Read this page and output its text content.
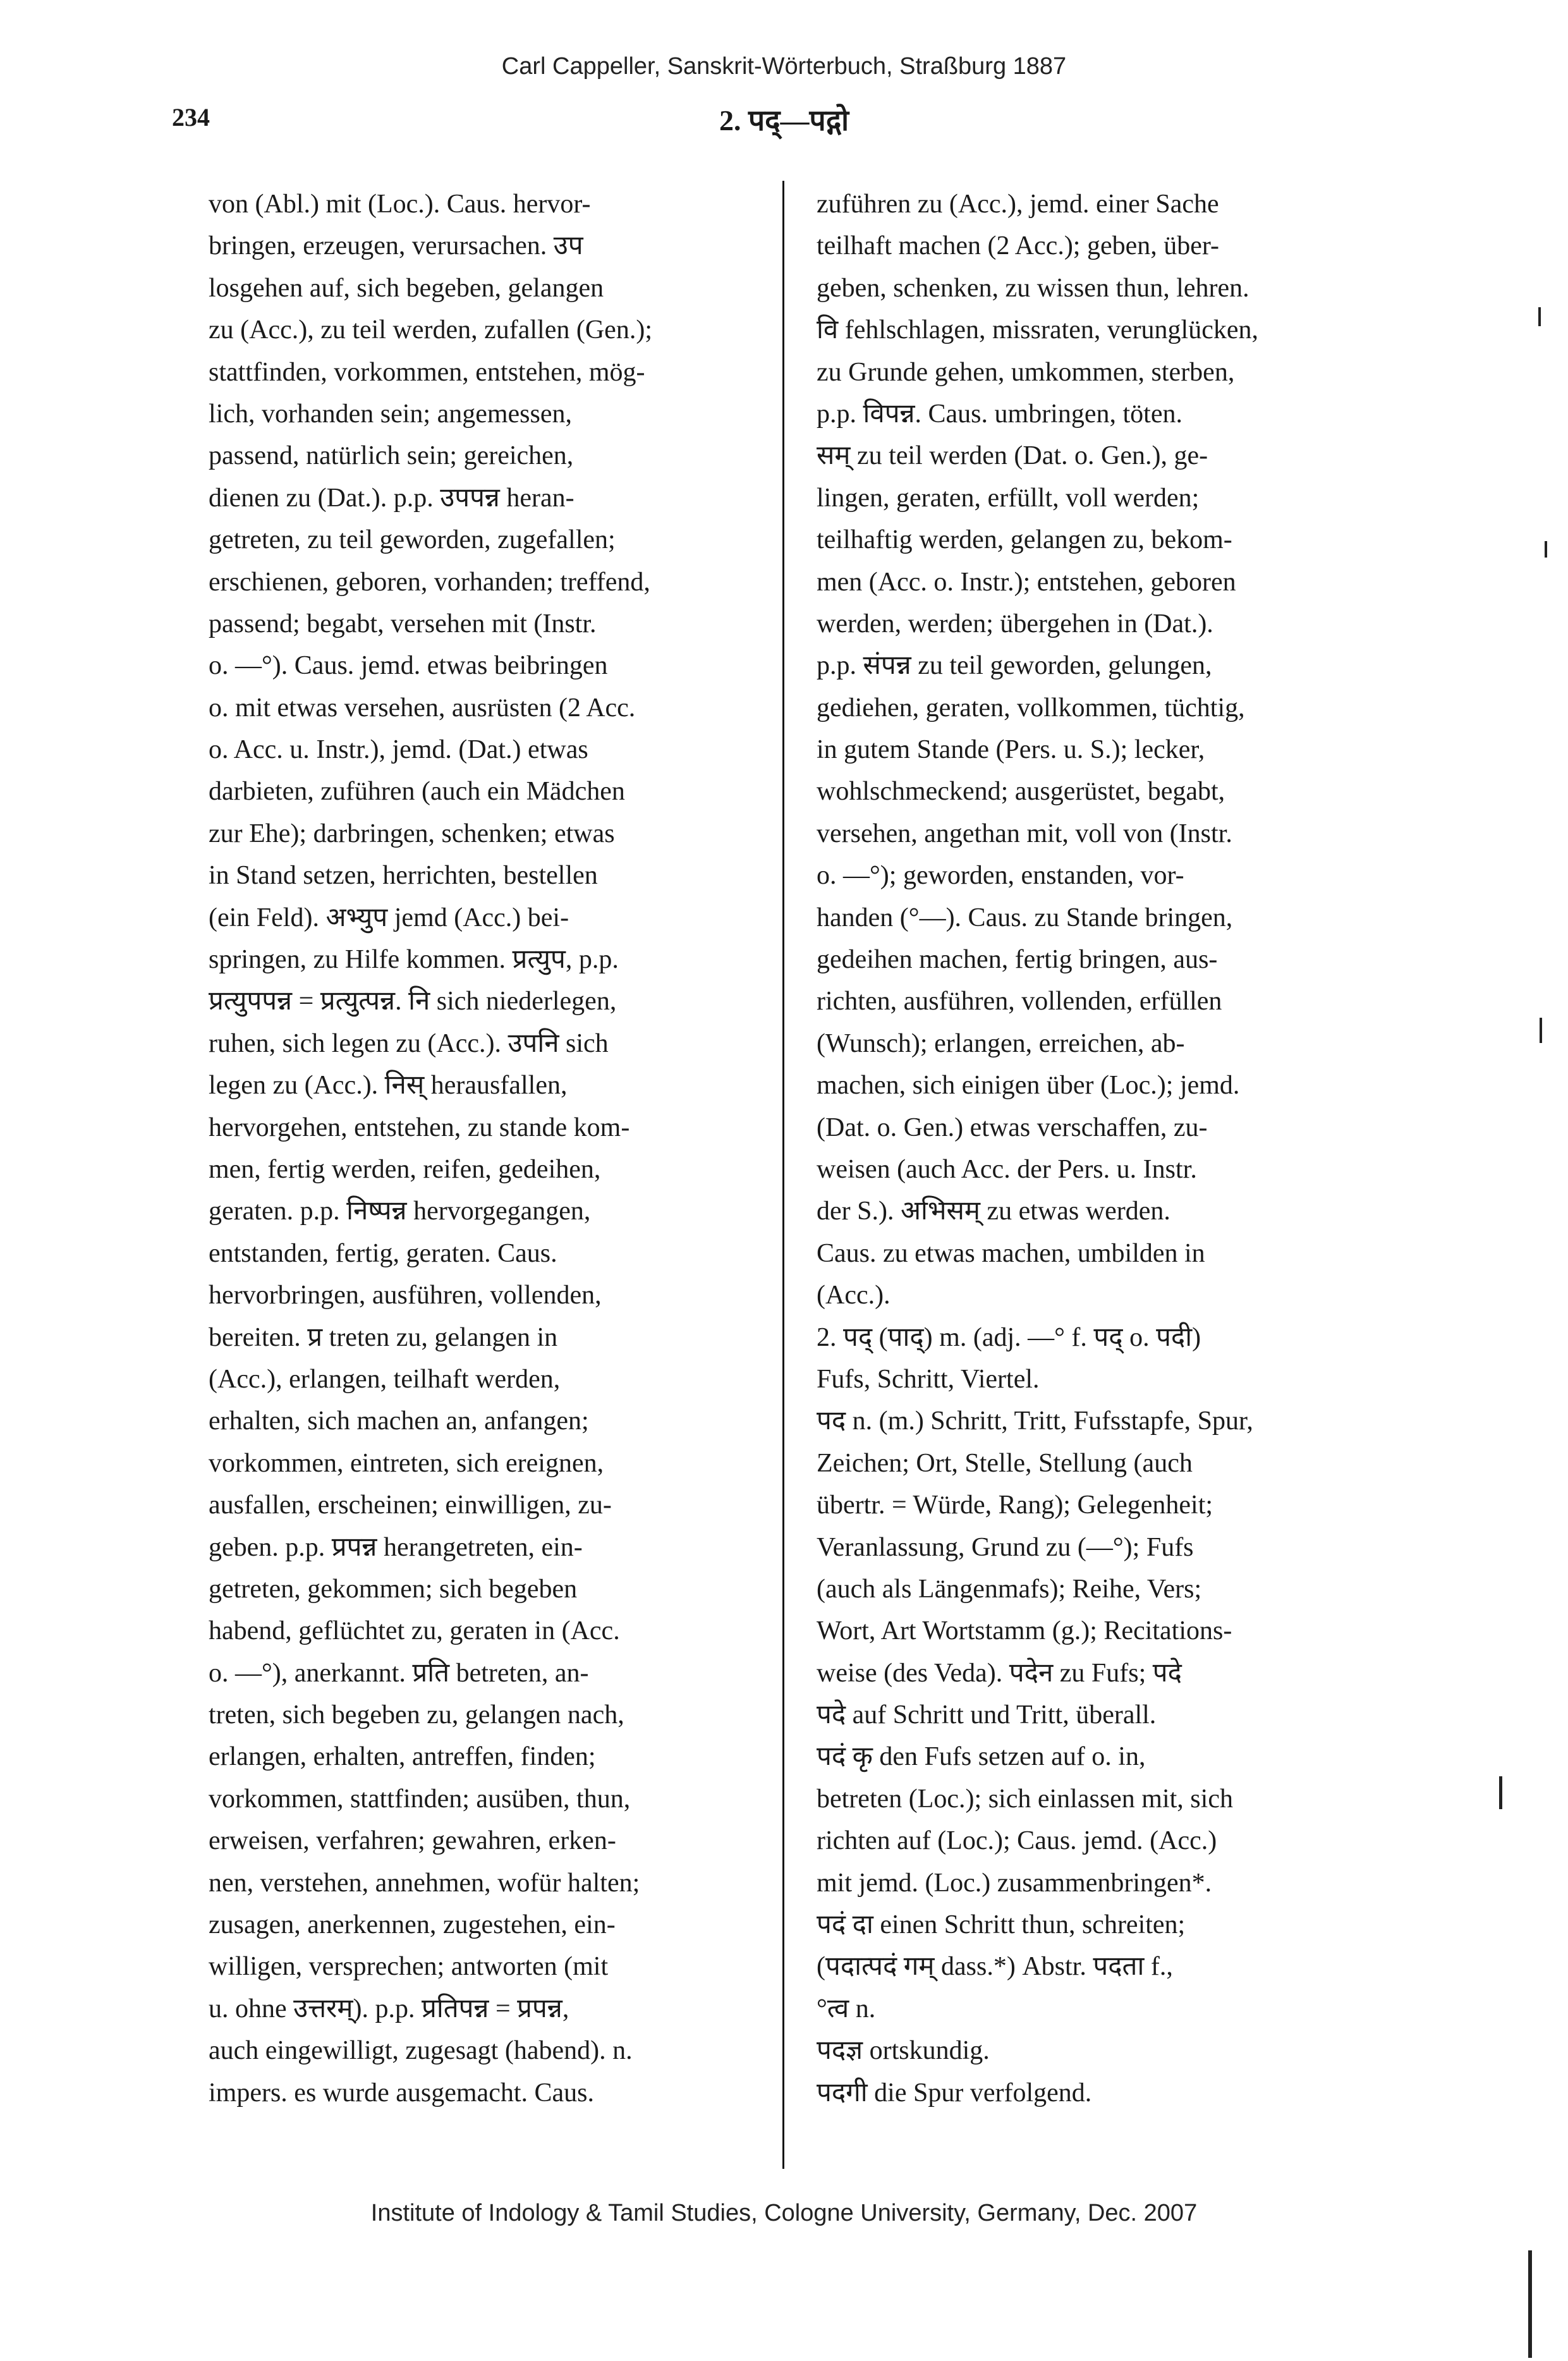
Carl Cappeller, Sanskrit-Wörterbuch, Straßburg 1887
234	2. पद्—पद्गो
von (Abl.) mit (Loc.). Caus. hervor-
bringen, erzeugen, verursachen. उप
losgehen auf, sich begeben, gelangen
zu (Acc.), zu teil werden, zufallen (Gen.);
stattfinden, vorkommen, entstehen, mög-
lich, vorhanden sein; angemessen,
passend, natürlich sein; gereichen,
dienen zu (Dat.). p.p. उपपन्न heran-
getreten, zu teil geworden, zugefallen;
erschienen, geboren, vorhanden; treffend,
passend; begabt, versehen mit (Instr.
o. —°). Caus. jemd. etwas beibringen
o. mit etwas versehen, ausrüsten (2 Acc.
o. Acc. u. Instr.), jemd. (Dat.) etwas
darbieten, zuführen (auch ein Mädchen
zur Ehe); darbringen, schenken; etwas
in Stand setzen, herrichten, bestellen
(ein Feld). अभ्युप jemd (Acc.) bei-
springen, zu Hilfe kommen. प्रत्युप, p.p.
प्रत्युपपन्न = प्रत्युत्पन्न. नि sich niederlegen,
ruhen, sich legen zu (Acc.). उपनि sich
legen zu (Acc.). निस् herausfallen,
hervorgehen, entstehen, zu stande kom-
men, fertig werden, reifen, gedeihen,
geraten. p.p. निष्पन्न hervorgegangen,
entstanden, fertig, geraten. Caus.
hervorbringen, ausführen, vollenden,
bereiten. प्र treten zu, gelangen in
(Acc.), erlangen, teilhaft werden,
erhalten, sich machen an, anfangen;
vorkommen, eintreten, sich ereignen,
ausfallen, erscheinen; einwilligen, zu-
geben. p.p. प्रपन्न herangetreten, ein-
getreten, gekommen; sich begeben
habend, geflüchtet zu, geraten in (Acc.
o. —°), anerkannt. प्रति betreten, an-
treten, sich begeben zu, gelangen nach,
erlangen, erhalten, antreffen, finden;
vorkommen, stattfinden; ausüben, thun,
erweisen, verfahren; gewahren, erken-
nen, verstehen, annehmen, wofür halten;
zusagen, anerkennen, zugestehen, ein-
willigen, versprechen; antworten (mit
u. ohne उत्तरम्). p.p. प्रतिपन्न = प्रपन्न,
auch eingewilligt, zugesagt (habend). n.
impers. es wurde ausgemacht. Caus.
zuführen zu (Acc.), jemd. einer Sache
teilhaft machen (2 Acc.); geben, über-
geben, schenken, zu wissen thun, lehren.
वि fehlschlagen, missraten, verunglücken,
zu Grunde gehen, umkommen, sterben,
p.p. विपन्न. Caus. umbringen, töten.
सम् zu teil werden (Dat. o. Gen.), ge-
lingen, geraten, erfüllt, voll werden;
teilhaftig werden, gelangen zu, bekom-
men (Acc. o. Instr.); entstehen, geboren
werden, werden; übergehen in (Dat.).
p.p. संपन्न zu teil geworden, gelungen,
gediehen, geraten, vollkommen, tüchtig,
in gutem Stande (Pers. u. S.); lecker,
wohlschmeckend; ausgerüstet, begabt,
versehen, angethan mit, voll von (Instr.
o. —°); geworden, enstanden, vor-
handen (°—). Caus. zu Stande bringen,
gedeihen machen, fertig bringen, aus-
richten, ausführen, vollenden, erfüllen
(Wunsch); erlangen, erreichen, ab-
machen, sich einigen über (Loc.); jemd.
(Dat. o. Gen.) etwas verschaffen, zu-
weisen (auch Acc. der Pers. u. Instr.
der S.). अभिसम् zu etwas werden.
Caus. zu etwas machen, umbilden in
(Acc.).
2. पद् (पाद्) m. (adj. —° f. पद् o. पदी)
Fufs, Schritt, Viertel.
पद n. (m.) Schritt, Tritt, Fufsstapfe, Spur,
Zeichen; Ort, Stelle, Stellung (auch
übertr. = Würde, Rang); Gelegenheit;
Veranlassung, Grund zu (—°); Fufs
(auch als Längenmafs); Reihe, Vers;
Wort, Art Wortstamm (g.); Recitations-
weise (des Veda). पदेन zu Fufs; पदे
पदे auf Schritt und Tritt, überall.
पदं कृ den Fufs setzen auf o. in,
betreten (Loc.); sich einlassen mit, sich
richten auf (Loc.); Caus. jemd. (Acc.)
mit jemd. (Loc.) zusammenbringen*.
पदं दा einen Schritt thun, schreiten;
(पदात्पदं गम् dass.*) Abstr. पदता f.,
°त्व n.
पदज्ञ ortskundig.
पदगी die Spur verfolgend.
Institute of Indology & Tamil Studies, Cologne University, Germany, Dec. 2007
